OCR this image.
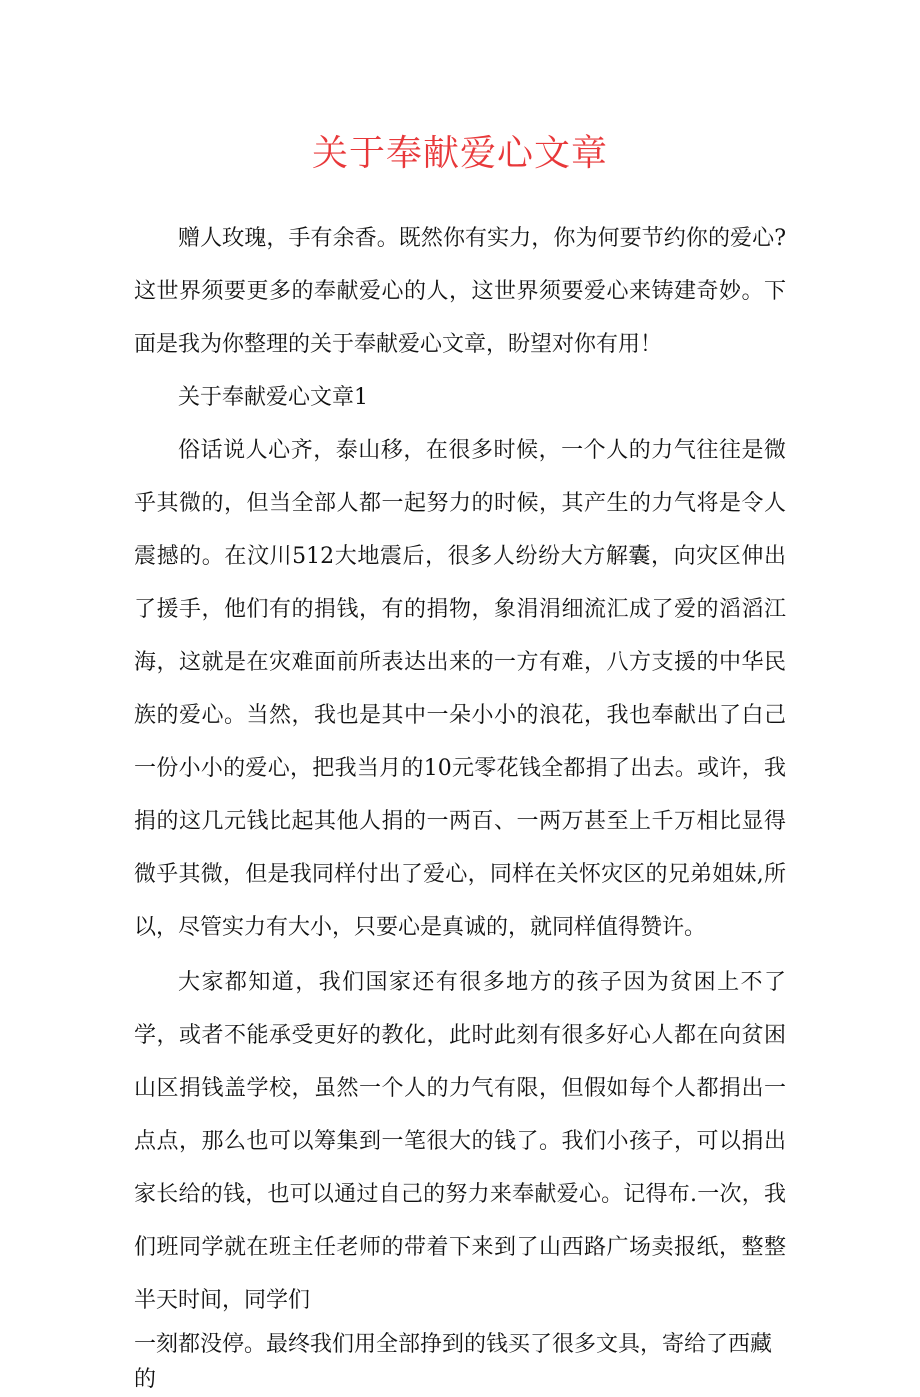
关于奉献爱心文章

赠人玫瑰，手有余香。既然你有实力，你为何要节约你的爱心?这世界须要更多的奉献爱心的人，这世界须要爱心来铸建奇妙。下面是我为你整理的关于奉献爱心文章，盼望对你有用！

关于奉献爱心文章1

俗话说人心齐，泰山移，在很多时候，一个人的力气往往是微乎其微的，但当全部人都一起努力的时候，其产生的力气将是令人震撼的。在汶川512大地震后，很多人纷纷大方解囊，向灾区伸出了援手，他们有的捐钱，有的捐物，象涓涓细流汇成了爱的滔滔江海，这就是在灾难面前所表达出来的一方有难，八方支援的中华民族的爱心。当然，我也是其中一朵小小的浪花，我也奉献出了白己一份小小的爱心，把我当月的10元零花钱全都捐了出去。或许，我捐的这几元钱比起其他人捐的一两百、一两万甚至上千万相比显得微乎其微，但是我同样付出了爱心，同样在关怀灾区的兄弟姐妹,所以，尽管实力有大小，只要心是真诚的，就同样值得赞许。

大家都知道，我们国家还有很多地方的孩子因为贫困上不了学，或者不能承受更好的教化，此时此刻有很多好心人都在向贫困山区捐钱盖学校，虽然一个人的力气有限，但假如每个人都捐出一点点，那么也可以筹集到一笔很大的钱了。我们小孩子，可以捐出家长给的钱，也可以通过自己的努力来奉献爱心。记得布.一次，我们班同学就在班主任老师的带着下来到了山西路广场卖报纸，整整半天时间，同学们

一刻都没停。最终我们用全部挣到的钱买了很多文具，寄给了西藏的
